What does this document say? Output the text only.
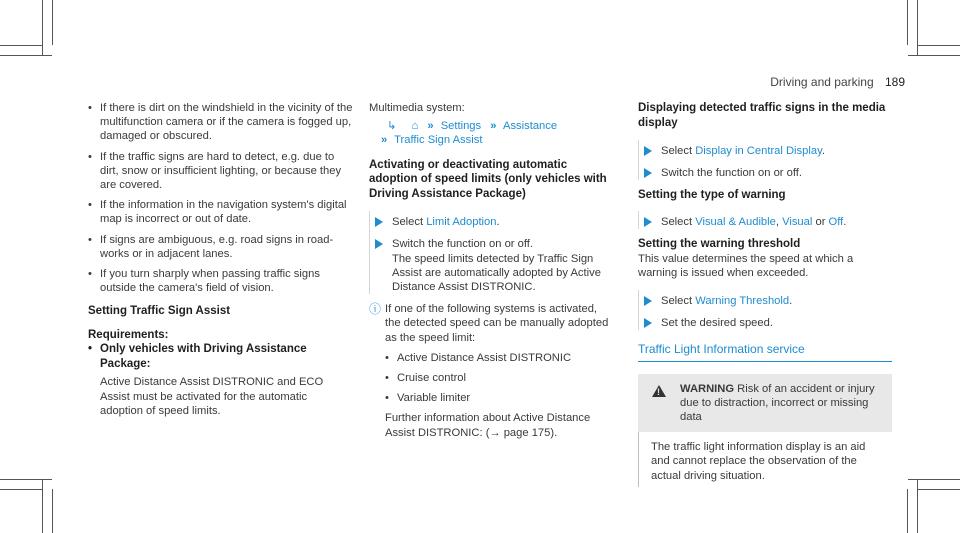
Driving and parking 189

• If there is dirt on the windshield in the vicinity of the multifunction camera or if the camera is fogged up, damaged or obscured.

• If the traffic signs are hard to detect, e.g. due to dirt, snow or insufficient lighting, or because they are covered.

• If the information in the navigation system's digital map is incorrect or out of date.

• If signs are ambiguous, e.g. road signs in road-works or in adjacent lanes.

• If you turn sharply when passing traffic signs outside the camera's field of vision.

Setting Traffic Sign Assist
Requirements:
• Only vehicles with Driving Assistance Package:

Active Distance Assist DISTRONIC and ECO Assist must be activated for the automatic adoption of speed limits.

Multimedia system:

↳ ⌂ » Settings » Assistance
» Traffic Sign Assist
Activating or deactivating automatic adoption of speed limits (only vehicles with Driving Assistance Package)
Select Limit Adoption.

Switch the function on or off.

The speed limits detected by Traffic Sign Assist are automatically adopted by Active Distance Assist DISTRONIC.

ⓘ If one of the following systems is activated, the detected speed can be manually adopted as the speed limit:

• Active Distance Assist DISTRONIC

• Cruise control

• Variable limiter

Further information about Active Distance Assist DISTRONIC: (→ page 175).

Displaying detected traffic signs in the media display
Select Display in Central Display.
Switch the function on or off.
Setting the type of warning
Select Visual & Audible, Visual or Off.
Setting the warning threshold

This value determines the speed at which a warning is issued when exceeded.

Select Warning Threshold.
Set the desired speed.
Traffic Light Information service
!

WARNING Risk of an accident or injury due to distraction, incorrect or missing data

The traffic light information display is an aid and cannot replace the observation of the actual driving situation.
